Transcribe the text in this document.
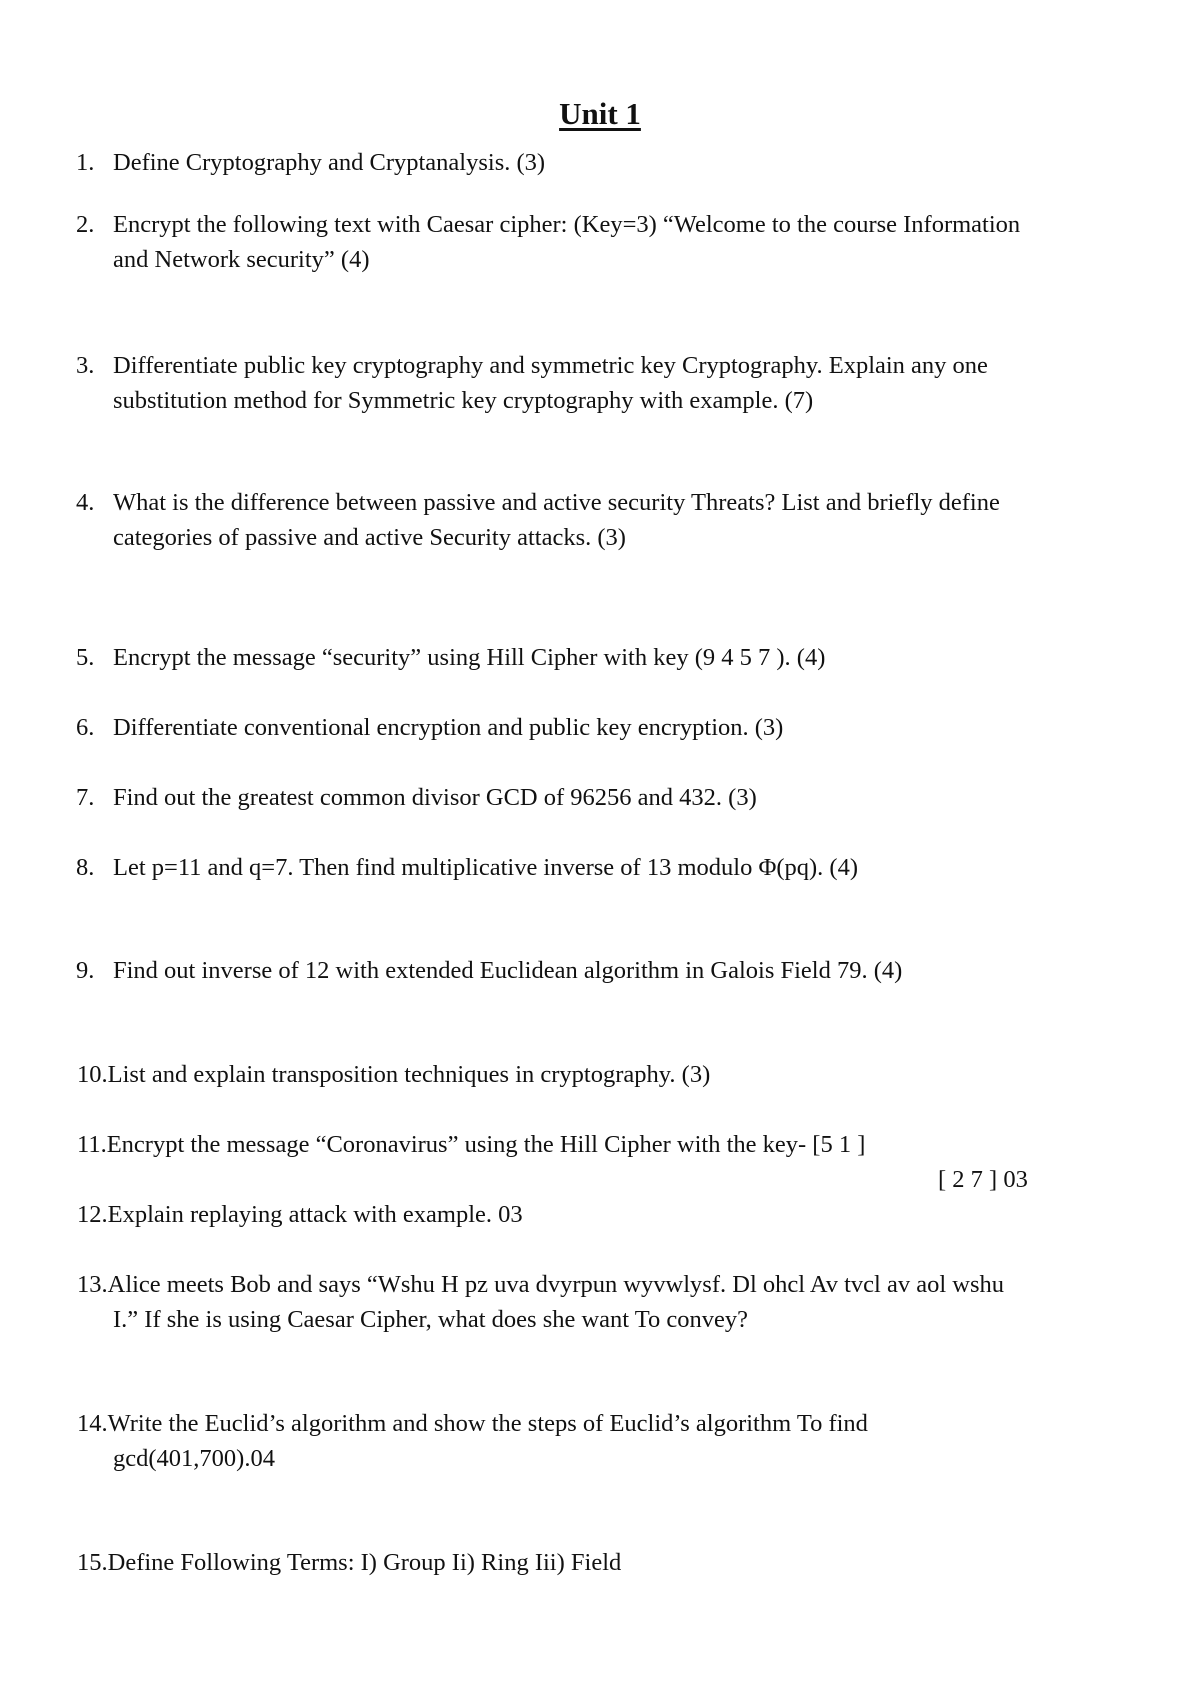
Unit 1
1. Define Cryptography and Cryptanalysis. (3)
2. Encrypt the following text with Caesar cipher: (Key=3) “Welcome to the course Information
and Network security” (4)
3. Differentiate public key cryptography and symmetric key Cryptography. Explain any one
substitution method for Symmetric key cryptography with example. (7)
4. What is the difference between passive and active security Threats? List and briefly define
categories of passive and active Security attacks. (3)
5. Encrypt the message “security” using Hill Cipher with key (9 4 5 7 ). (4)
6. Differentiate conventional encryption and public key encryption. (3)
7. Find out the greatest common divisor GCD of 96256 and 432. (3)
8. Let p=11 and q=7. Then find multiplicative inverse of 13 modulo Φ(pq). (4)
9. Find out inverse of 12 with extended Euclidean algorithm in Galois Field 79. (4)
10.List and explain transposition techniques in cryptography. (3)
11.Encrypt the message “Coronavirus” using the Hill Cipher with the key- [5 1 ]
[ 2 7 ] 03
12.Explain replaying attack with example. 03
13.Alice meets Bob and says “Wshu H pz uva dvyrpun wyvwlysf. Dl ohcl Av tvcl av aol wshu
I.” If she is using Caesar Cipher, what does she want To convey?
14.Write the Euclid’s algorithm and show the steps of Euclid’s algorithm To find
gcd(401,700).04
15.Define Following Terms: I) Group Ii) Ring Iii) Field
